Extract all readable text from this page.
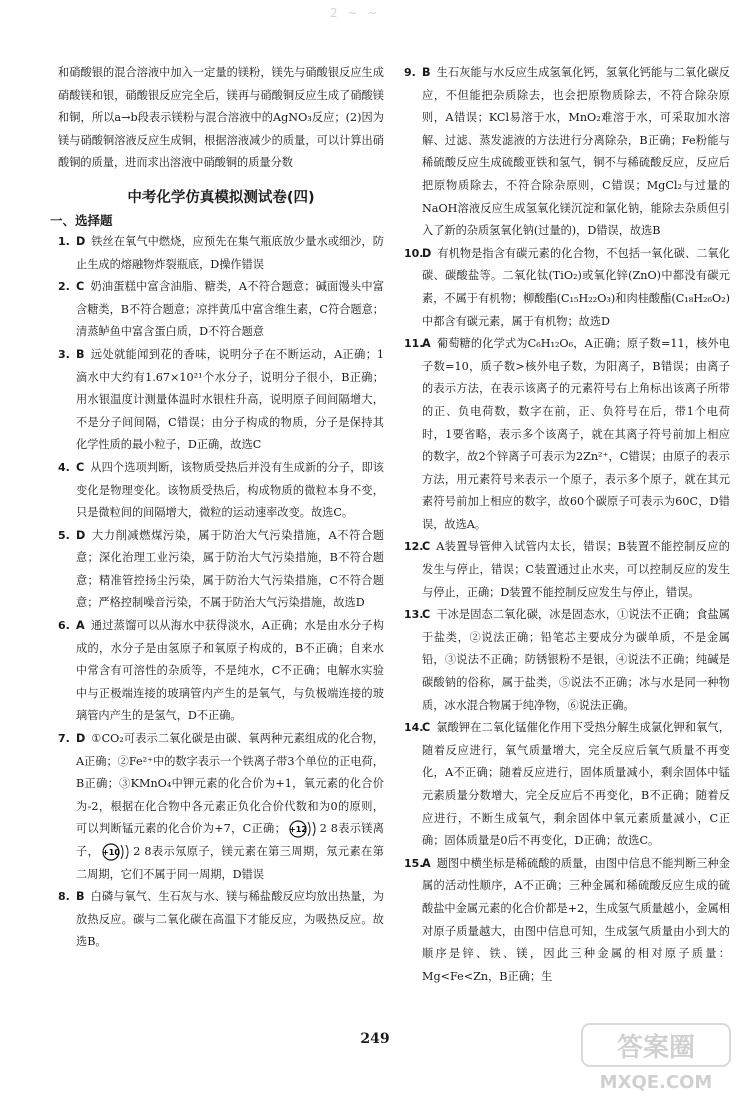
2 ~ ~

和硝酸银的混合溶液中加入一定量的镁粉，镁先与硝酸银反应生成硝酸镁和银，硝酸银反应完全后，镁再与硝酸铜反应生成了硝酸镁和铜，所以a→b段表示镁粉与混合溶液中的AgNO₃反应；(2)因为镁与硝酸铜溶液反应生成铜，根据溶液减少的质量，可以计算出硝酸铜的质量，进而求出溶液中硝酸铜的质量分数

中考化学仿真模拟测试卷(四)
一、选择题
1. D 铁丝在氧气中燃烧，应预先在集气瓶底放少量水或细沙，防止生成的熔融物炸裂瓶底，D操作错误

2. C 奶油蛋糕中富含油脂、糖类，A不符合题意；碱面馒头中富含糖类，B不符合题意；凉拌黄瓜中富含维生素，C符合题意；清蒸鲈鱼中富含蛋白质，D不符合题意

3. B 远处就能闻到花的香味，说明分子在不断运动，A正确；1滴水中大约有1.67×10²¹个水分子，说明分子很小，B正确；用水银温度计测量体温时水银柱升高，说明原子间间隔增大，不是分子间间隔，C错误；由分子构成的物质，分子是保持其化学性质的最小粒子，D正确，故选C

4. C 从四个选项判断，该物质受热后并没有生成新的分子，即该变化是物理变化。该物质受热后，构成物质的微粒本身不变，只是微粒间的间隔增大，微粒的运动速率改变。故选C。

5. D 大力削减燃煤污染，属于防治大气污染措施，A不符合题意；深化治理工业污染，属于防治大气污染措施，B不符合题意；精准管控扬尘污染，属于防治大气污染措施，C不符合题意；严格控制噪音污染，不属于防治大气污染措施，故选D

6. A 通过蒸馏可以从海水中获得淡水，A正确；水是由水分子构成的，水分子是由氢原子和氧原子构成的，B不正确；自来水中常含有可溶性的杂质等，不是纯水，C不正确；电解水实验中与正极端连接的玻璃管内产生的是氧气，与负极端连接的玻璃管内产生的是氢气，D不正确。

7. D ①CO₂可表示二氧化碳是由碳、氧两种元素组成的化合物，A正确；②Fe²⁺中的数字表示一个铁离子带3个单位的正电荷，B正确；③KMnO₄中钾元素的化合价为+1，氧元素的化合价为-2，根据在化合物中各元素正负化合价代数和为0的原则，可以判断锰元素的化合价为+7，C正确； +12 2 8表示镁离子， +10 2 8表示氖原子，镁元素在第三周期，氖元素在第二周期，它们不属于同一周期，D错误

8. B 白磷与氧气、生石灰与水、镁与稀盐酸反应均放出热量，为放热反应。碳与二氧化碳在高温下才能反应，为吸热反应。故选B。

9. B 生石灰能与水反应生成氢氧化钙，氢氧化钙能与二氧化碳反应，不但能把杂质除去，也会把原物质除去，不符合除杂原则，A错误；KCl易溶于水，MnO₂难溶于水，可采取加水溶解、过滤、蒸发滤液的方法进行分离除杂，B正确；Fe粉能与稀硫酸反应生成硫酸亚铁和氢气，铜不与稀硫酸反应，反应后把原物质除去，不符合除杂原则，C错误；MgCl₂与过量的NaOH溶液反应生成氢氧化镁沉淀和氯化钠，能除去杂质但引入了新的杂质氢氧化钠(过量的)，D错误，故选B

10.

D 有机物是指含有碳元素的化合物，不包括一氧化碳、二氧化碳、碳酸盐等。二氧化钛(TiO₂)或氧化锌(ZnO)中都没有碳元素，不属于有机物；柳酸酯(C₁₅H₂₂O₃)和肉桂酸酯(C₁₈H₂₆O₂)中都含有碳元素，属于有机物；故选D

11.

A 葡萄糖的化学式为C₆H₁₂O₆，A正确；原子数=11，核外电子数=10，质子数>核外电子数，为阳离子，B错误；由离子的表示方法，在表示该离子的元素符号右上角标出该离子所带的正、负电荷数，数字在前，正、负符号在后，带1个电荷时，1要省略，表示多个该离子，就在其离子符号前加上相应的数字，故2个锌离子可表示为2Zn²⁺，C错误；由原子的表示方法，用元素符号来表示一个原子，表示多个原子，就在其元素符号前加上相应的数字，故60个碳原子可表示为60C，D错误，故选A。

12.

C A装置导管伸入试管内太长，错误；B装置不能控制反应的发生与停止，错误；C装置通过止水夹，可以控制反应的发生与停止，正确；D装置不能控制反应发生与停止，错误。

13.

C 干冰是固态二氧化碳，冰是固态水，①说法不正确；食盐属于盐类，②说法正确；铅笔芯主要成分为碳单质，不是金属铅，③说法不正确；防锈银粉不是银，④说法不正确；纯碱是碳酸钠的俗称，属于盐类，⑤说法不正确；冰与水是同一种物质，冰水混合物属于纯净物，⑥说法正确。

14.

C 氯酸钾在二氧化锰催化作用下受热分解生成氯化钾和氧气，随着反应进行，氧气质量增大，完全反应后氧气质量不再变化，A不正确；随着反应进行，固体质量减小，剩余固体中锰元素质量分数增大，完全反应后不再变化，B不正确；随着反应进行，不断生成氧气，剩余固体中氧元素质量减小，C正确；固体质量是0后不再变化，D正确；故选C。

15.

A 题图中横坐标是稀硫酸的质量，由图中信息不能判断三种金属的活动性顺序，A不正确；三种金属和稀硫酸反应生成的硫酸盐中金属元素的化合价都是+2，生成氢气质量越小，金属相对原子质量越大，由图中信息可知，生成氢气质量由小到大的顺序是锌、铁、镁，因此三种金属的相对原子质量：Mg<Fe<Zn，B正确；生

249	答案圈
MXQE.COM
